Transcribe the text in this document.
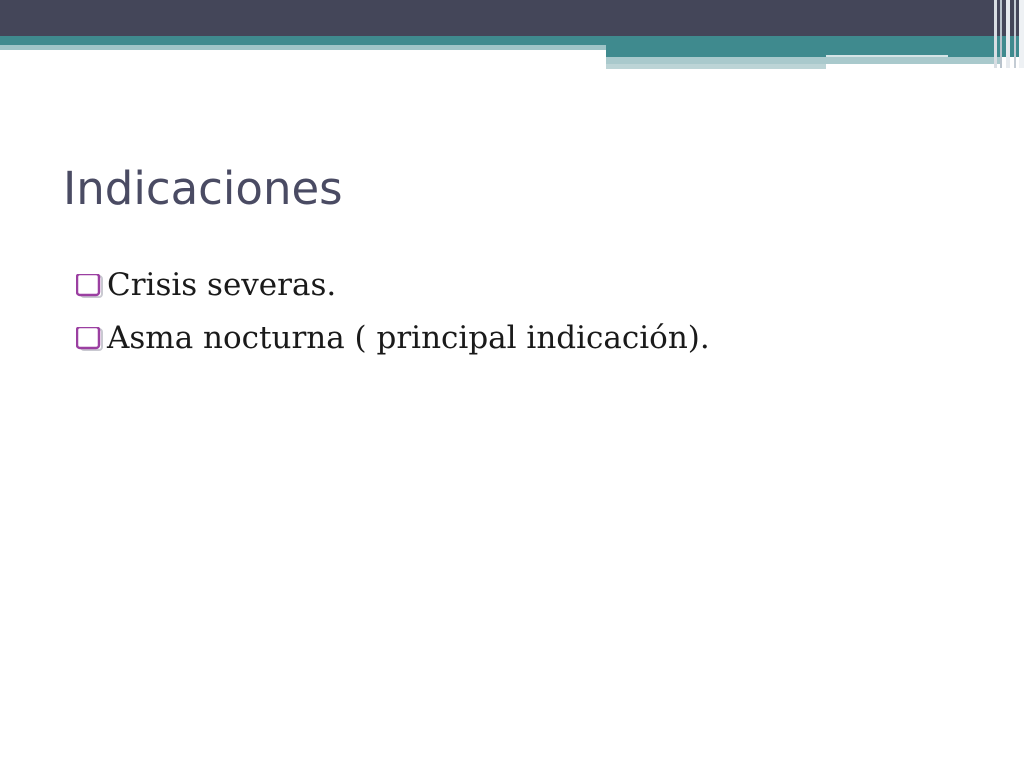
Indicaciones
Crisis severas.
Asma nocturna ( principal indicación).
